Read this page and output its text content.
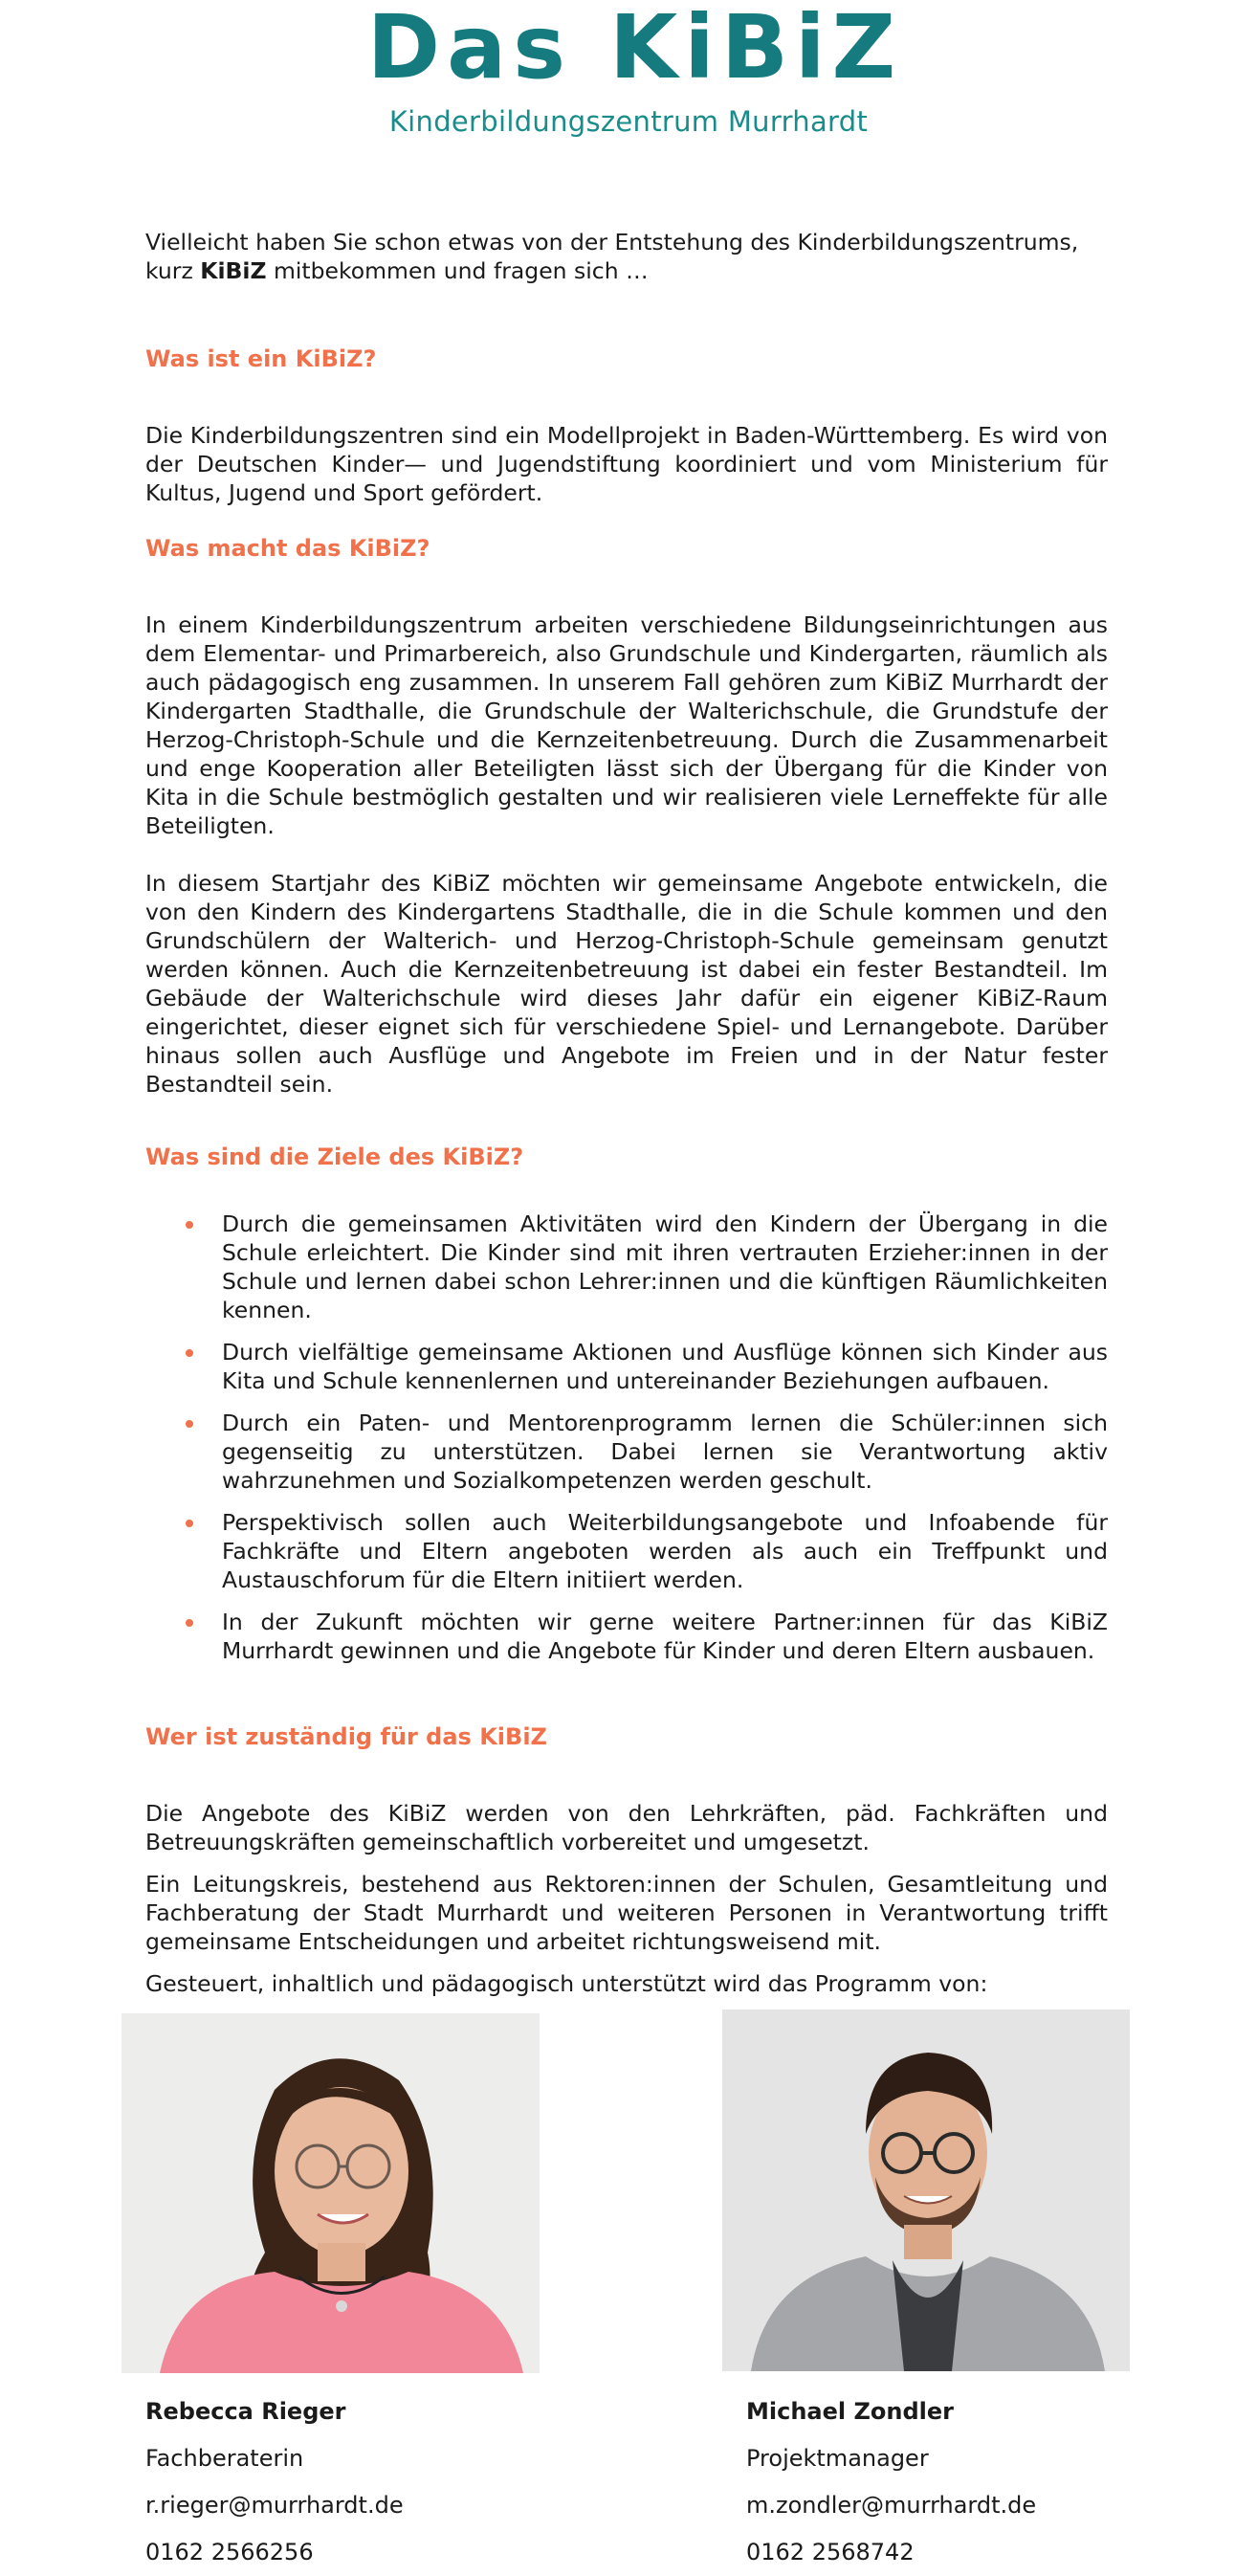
Das KiBiZ
Kinderbildungszentrum Murrhardt

Vielleicht haben Sie schon etwas von der Entstehung des Kinderbildungszentrums, kurz KiBiZ mitbekommen und fragen sich …

Was ist ein KiBiZ?

Die Kinderbildungszentren sind ein Modellprojekt in Baden-Württemberg. Es wird von der Deutschen Kinder— und Jugendstiftung koordiniert und vom Ministerium für Kultus, Jugend und Sport gefördert.

Was macht das KiBiZ?

In einem Kinderbildungszentrum arbeiten verschiedene Bildungseinrichtungen aus dem Elementar- und Primarbereich, also Grundschule und Kindergarten, räumlich als auch pädagogisch eng zusammen. In unserem Fall gehören zum KiBiZ Murrhardt der Kindergarten Stadthalle, die Grundschule der Walterichschule, die Grundstufe der Herzog-Christoph-Schule und die Kernzeitenbetreuung. Durch die Zusammenarbeit und enge Kooperation aller Beteiligten lässt sich der Übergang für die Kinder von Kita in die Schule bestmöglich gestalten und wir realisieren viele Lerneffekte für alle Beteiligten.

In diesem Startjahr des KiBiZ möchten wir gemeinsame Angebote entwickeln, die von den Kindern des Kindergartens Stadthalle, die in die Schule kommen und den Grundschülern der Walterich- und Herzog-Christoph-Schule gemeinsam genutzt werden können. Auch die Kernzeitenbetreuung ist dabei ein fester Bestandteil. Im Gebäude der Walterichschule wird dieses Jahr dafür ein eigener KiBiZ-Raum eingerichtet, dieser eignet sich für verschiedene Spiel- und Lernangebote. Darüber hinaus sollen auch Ausflüge und Angebote im Freien und in der Natur fester Bestandteil sein.

Was sind die Ziele des KiBiZ?
Durch die gemeinsamen Aktivitäten wird den Kindern der Übergang in die Schule erleichtert. Die Kinder sind mit ihren vertrauten Erzieher:innen in der Schule und lernen dabei schon Lehrer:innen und die künftigen Räumlichkeiten kennen.
Durch vielfältige gemeinsame Aktionen und Ausflüge können sich Kinder aus Kita und Schule kennenlernen und untereinander Beziehungen aufbauen.
Durch ein Paten- und Mentorenprogramm lernen die Schüler:innen sich gegenseitig zu unterstützen. Dabei lernen sie Verantwortung aktiv wahrzunehmen und Sozialkompetenzen werden geschult.
Perspektivisch sollen auch Weiterbildungsangebote und Infoabende für Fachkräfte und Eltern angeboten werden als auch ein Treffpunkt und Austauschforum für die Eltern initiiert werden.
In der Zukunft möchten wir gerne weitere Partner:innen für das KiBiZ Murrhardt gewinnen und die Angebote für Kinder und deren Eltern ausbauen.
Wer ist zuständig für das KiBiZ

Die Angebote des KiBiZ werden von den Lehrkräften, päd. Fachkräften und Betreuungskräften gemeinschaftlich vorbereitet und umgesetzt.

Ein Leitungskreis, bestehend aus Rektoren:innen der Schulen, Gesamtleitung und Fachberatung der Stadt Murrhardt und weiteren Personen in Verantwortung trifft gemeinsame Entscheidungen und arbeitet richtungsweisend mit.

Gesteuert, inhaltlich und pädagogisch unterstützt wird das Programm von:

Rebecca Rieger
Fachberaterin
r.rieger@murrhardt.de
0162 2566256
Michael Zondler
Projektmanager
m.zondler@murrhardt.de
0162 2568742
